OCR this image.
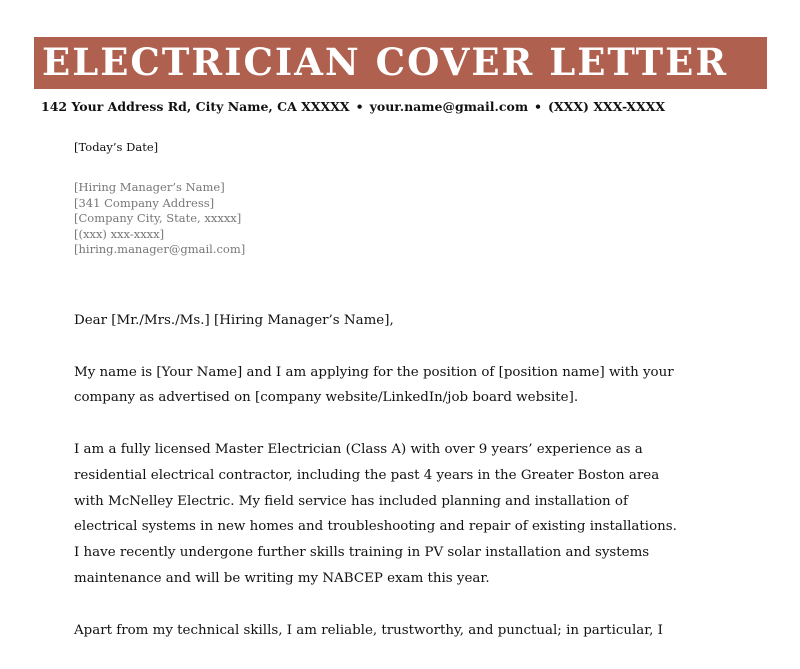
ELECTRICIAN COVER LETTER
142 Your Address Rd, City Name, CA XXXXX • your.name@gmail.com • (XXX) XXX-XXXX
[Today’s Date]
[Hiring Manager’s Name]
[341 Company Address]
[Company City, State, xxxxx]
[(xxx) xxx-xxxx]
[hiring.manager@gmail.com]
Dear [Mr./Mrs./Ms.] [Hiring Manager’s Name],
My name is [Your Name] and I am applying for the position of [position name] with your
company as advertised on [company website/LinkedIn/job board website].
I am a fully licensed Master Electrician (Class A) with over 9 years’ experience as a
residential electrical contractor, including the past 4 years in the Greater Boston area
with McNelley Electric. My field service has included planning and installation of
electrical systems in new homes and troubleshooting and repair of existing installations.
I have recently undergone further skills training in PV solar installation and systems
maintenance and will be writing my NABCEP exam this year.
Apart from my technical skills, I am reliable, trustworthy, and punctual; in particular, I
